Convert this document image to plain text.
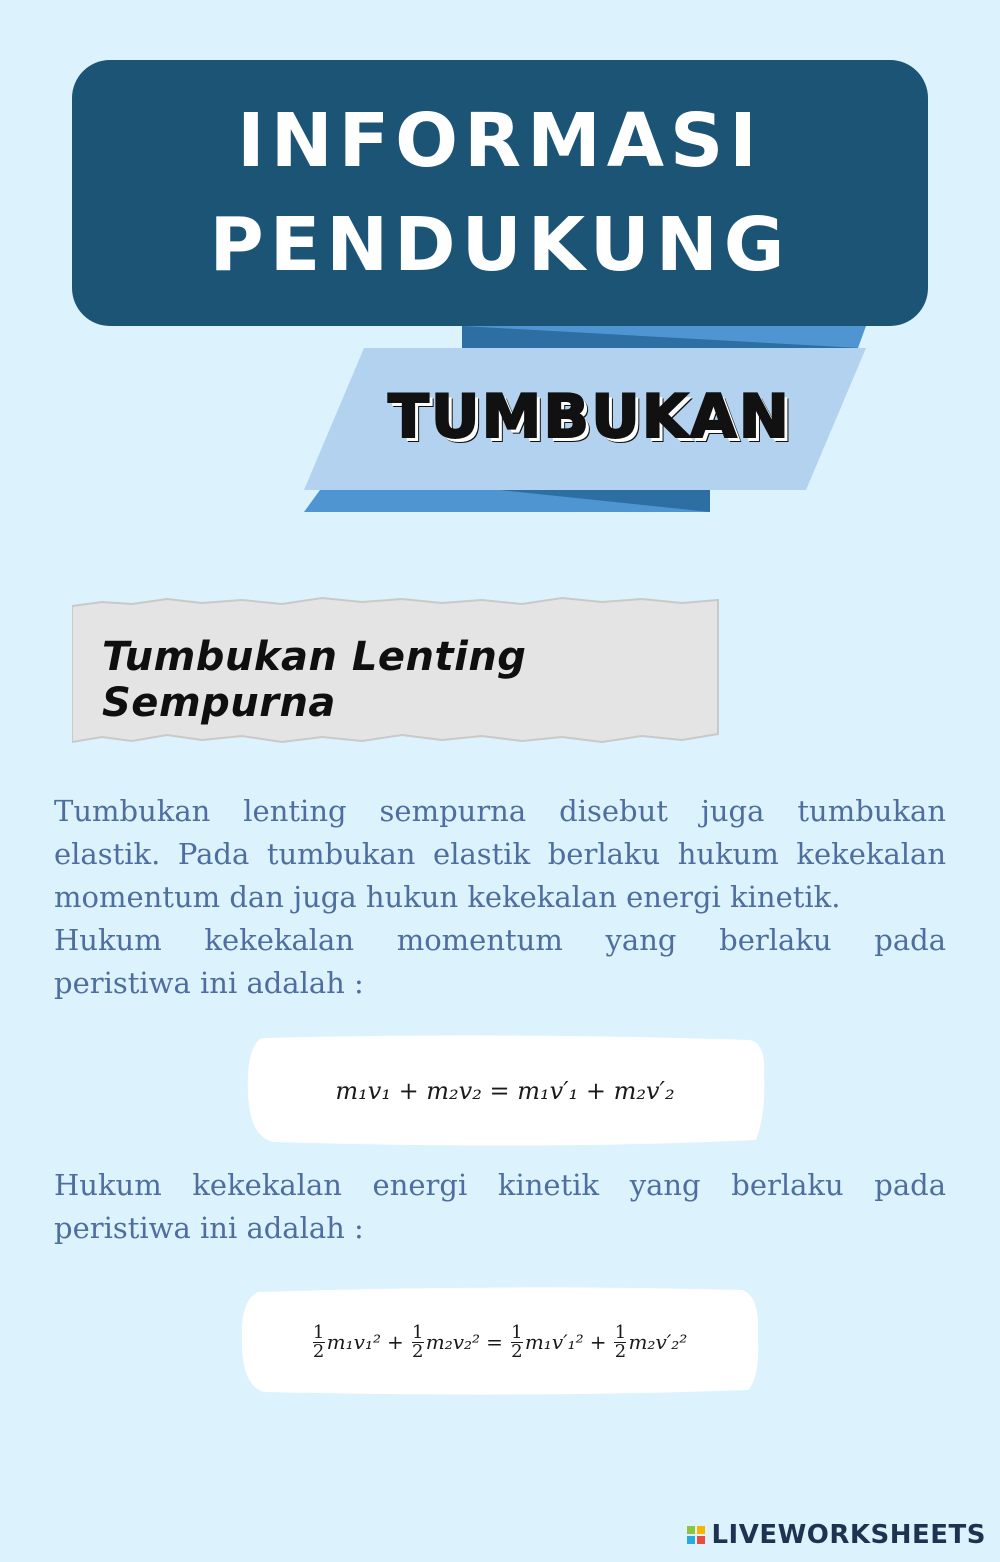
INFORMASI
PENDUKUNG
TUMBUKAN
Tumbukan Lenting Sempurna

Tumbukan lenting sempurna disebut juga tumbukan
elastik. Pada tumbukan elastik berlaku hukum kekekalan
momentum dan juga hukun kekekalan energi kinetik.
Hukum kekekalan momentum yang berlaku pada
peristiwa ini adalah :

m₁v₁ + m₂v₂ = m₁v′₁ + m₂v′₂

Hukum kekekalan energi kinetik yang berlaku pada
peristiwa ini adalah :

$\frac{1}{2} m_1v_1^2 + \frac{1}{2} m_2v_2^2 = \frac{1}{2} m_1v'_1^2 + \frac{1}{2} m_2v'_2^2$
LIVEWORKSHEETS
